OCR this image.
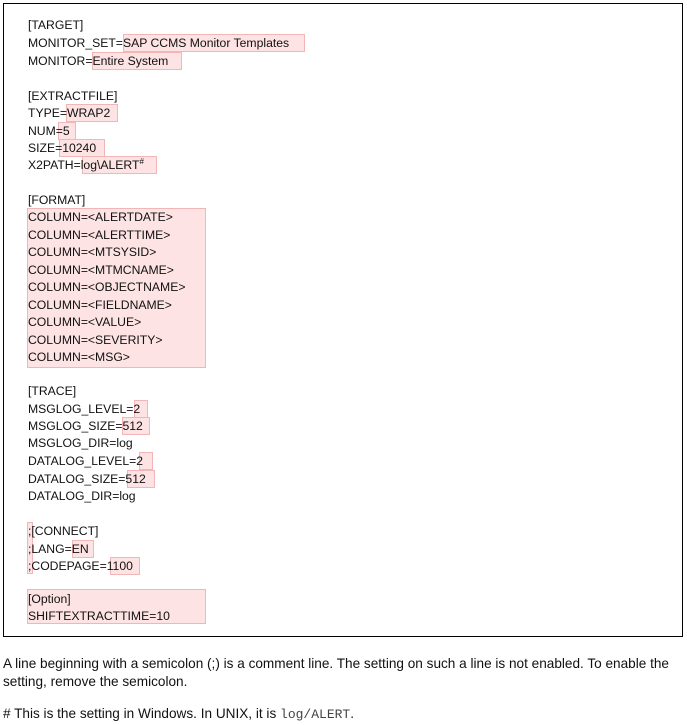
[TARGET]
MONITOR_SET=SAP CCMS Monitor Templates
MONITOR=Entire System
[EXTRACTFILE]
TYPE=WRAP2
NUM=5
SIZE=10240
X2PATH=log\ALERT#
[FORMAT]
COLUMN=<ALERTDATE>
COLUMN=<ALERTTIME>
COLUMN=<MTSYSID>
COLUMN=<MTMCNAME>
COLUMN=<OBJECTNAME>
COLUMN=<FIELDNAME>
COLUMN=<VALUE>
COLUMN=<SEVERITY>
COLUMN=<MSG>
[TRACE]
MSGLOG_LEVEL=2
MSGLOG_SIZE=512
MSGLOG_DIR=log
DATALOG_LEVEL=2
DATALOG_SIZE=512
DATALOG_DIR=log
;[CONNECT]
;LANG=EN
;CODEPAGE=1100
[Option]
SHIFTEXTRACTTIME=10
A line beginning with a semicolon (;) is a comment line. The setting on such a line is not enabled. To enable the setting, remove the semicolon.
# This is the setting in Windows. In UNIX, it is log/ALERT.
